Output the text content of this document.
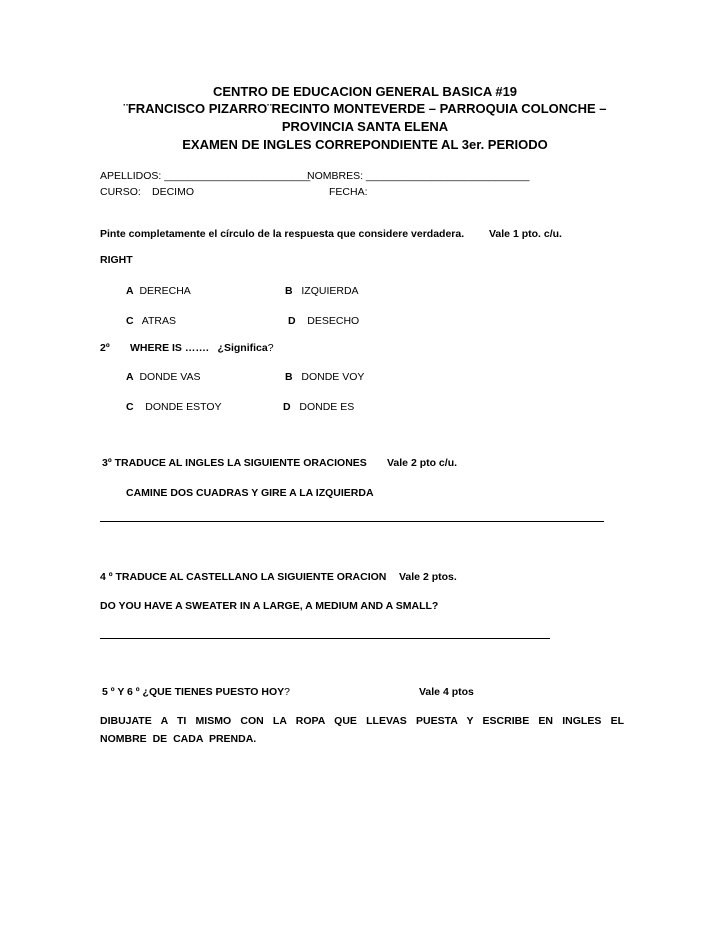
CENTRO DE EDUCACION GENERAL BASICA #19
¨FRANCISCO PIZARRO¨RECINTO MONTEVERDE – PARROQUIA COLONCHE –
PROVINCIA SANTA ELENA
EXAMEN DE INGLES CORREPONDIENTE AL 3er. PERIODO
APELLIDOS: _________________________
NOMBRES: ____________________________
CURSO: DECIMO	FECHA:
Pinte completamente el círculo de la respuesta que considere verdadera. Vale 1 pto. c/u.
RIGHT
A DERECHA	B IZQUIERDA
C ATRAS	D DESECHO
2º WHERE IS ……. ¿Significa?
A DONDE VAS	B DONDE VOY
C DONDE ESTOY	D DONDE ES
3º TRADUCE AL INGLES LA SIGUIENTE ORACIONES Vale 2 pto c/u.
CAMINE DOS CUADRAS Y GIRE A LA IZQUIERDA
4 º TRADUCE AL CASTELLANO LA SIGUIENTE ORACION Vale 2 ptos.
DO YOU HAVE A SWEATER IN A LARGE, A MEDIUM AND A SMALL?
5 º Y 6 º ¿QUE TIENES PUESTO HOY?	Vale 4 ptos
DIBUJATE A TI MISMO CON LA ROPA QUE LLEVAS PUESTA Y ESCRIBE EN INGLES EL NOMBRE DE CADA PRENDA.
